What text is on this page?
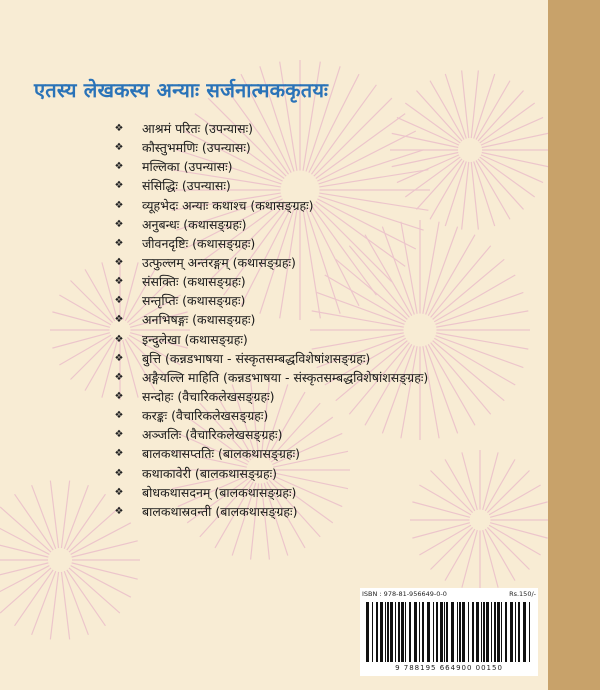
एतस्य लेखकस्य अन्याः सर्जनात्मककृतयः
❖ आश्रमं परितः (उपन्यासः)
❖ कौस्तुभमणिः (उपन्यासः)
❖ मल्लिका (उपन्यासः)
❖ संसिद्धिः (उपन्यासः)
❖ व्यूहभेदः अन्याः कथाश्च (कथासङ्ग्रहः)
❖ अनुबन्धः (कथासङ्ग्रहः)
❖ जीवनदृष्टिः (कथासङ्ग्रहः)
❖ उत्फुल्लम् अन्तरङ्गम् (कथासङ्ग्रहः)
❖ संसक्तिः (कथासङ्ग्रहः)
❖ सन्तृप्तिः (कथासङ्ग्रहः)
❖ अनभिषङ्गः (कथासङ्ग्रहः)
❖ इन्दुलेखा (कथासङ्ग्रहः)
❖ बुत्ति (कन्नडभाषया - संस्कृतसम्बद्धविशेषांशसङ्ग्रहः)
❖ अङ्गैयल्लि माहिति (कन्नडभाषया - संस्कृतसम्बद्धविशेषांशसङ्ग्रहः)
❖ सन्दोहः (वैचारिकलेखसङ्ग्रहः)
❖ करङ्कः (वैचारिकलेखसङ्ग्रहः)
❖ अञ्जलिः (वैचारिकलेखसङ्ग्रहः)
❖ बालकथासप्ततिः (बालकथासङ्ग्रहः)
❖ कथाकावेरी (बालकथासङ्ग्रहः)
❖ बोधकथासदनम् (बालकथासङ्ग्रहः)
❖ बालकथास्रवन्ती (बालकथासङ्ग्रहः)
ISBN : 978-81-956649-0-0	Rs.150/-
9 788195 664900 00150
